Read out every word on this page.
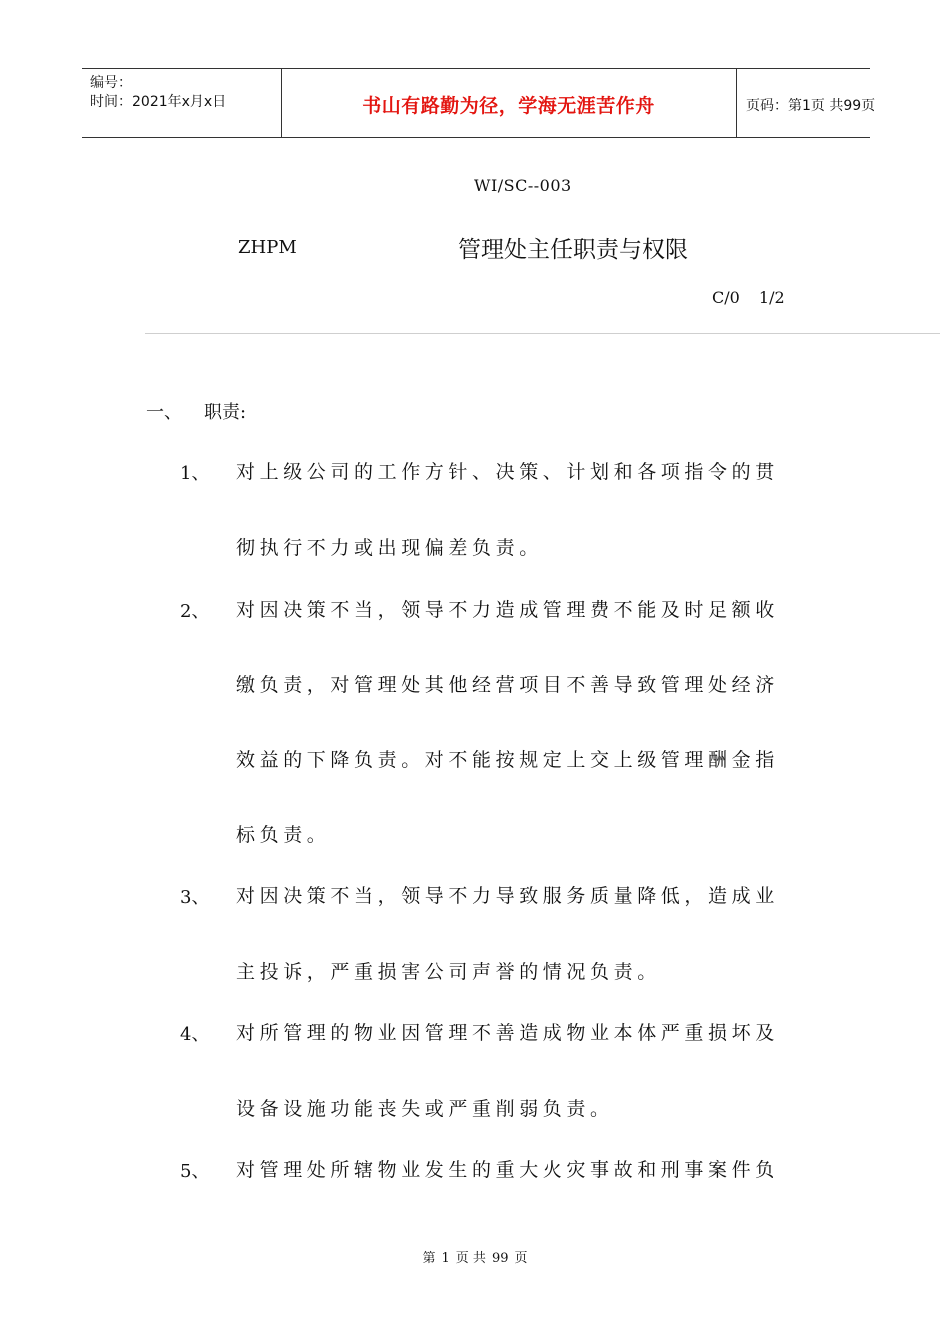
编号：
时间：2021年x月x日	书山有路勤为径，学海无涯苦作舟	页码：第1页 共99页
WI/SC--003
ZHPM	管理处主任职责与权限
C/0 1/2
一、 职责:
1、 对上级公司的工作方针、决策、计划和各项指令的贯
彻执行不力或出现偏差负责。
2、 对因决策不当，领导不力造成管理费不能及时足额收
缴负责，对管理处其他经营项目不善导致管理处经济
效益的下降负责。对不能按规定上交上级管理酬金指
标负责。
3、 对因决策不当，领导不力导致服务质量降低，造成业
主投诉，严重损害公司声誉的情况负责。
4、 对所管理的物业因管理不善造成物业本体严重损坏及
设备设施功能丧失或严重削弱负责。
5、 对管理处所辖物业发生的重大火灾事故和刑事案件负
第 1 页 共 99 页
